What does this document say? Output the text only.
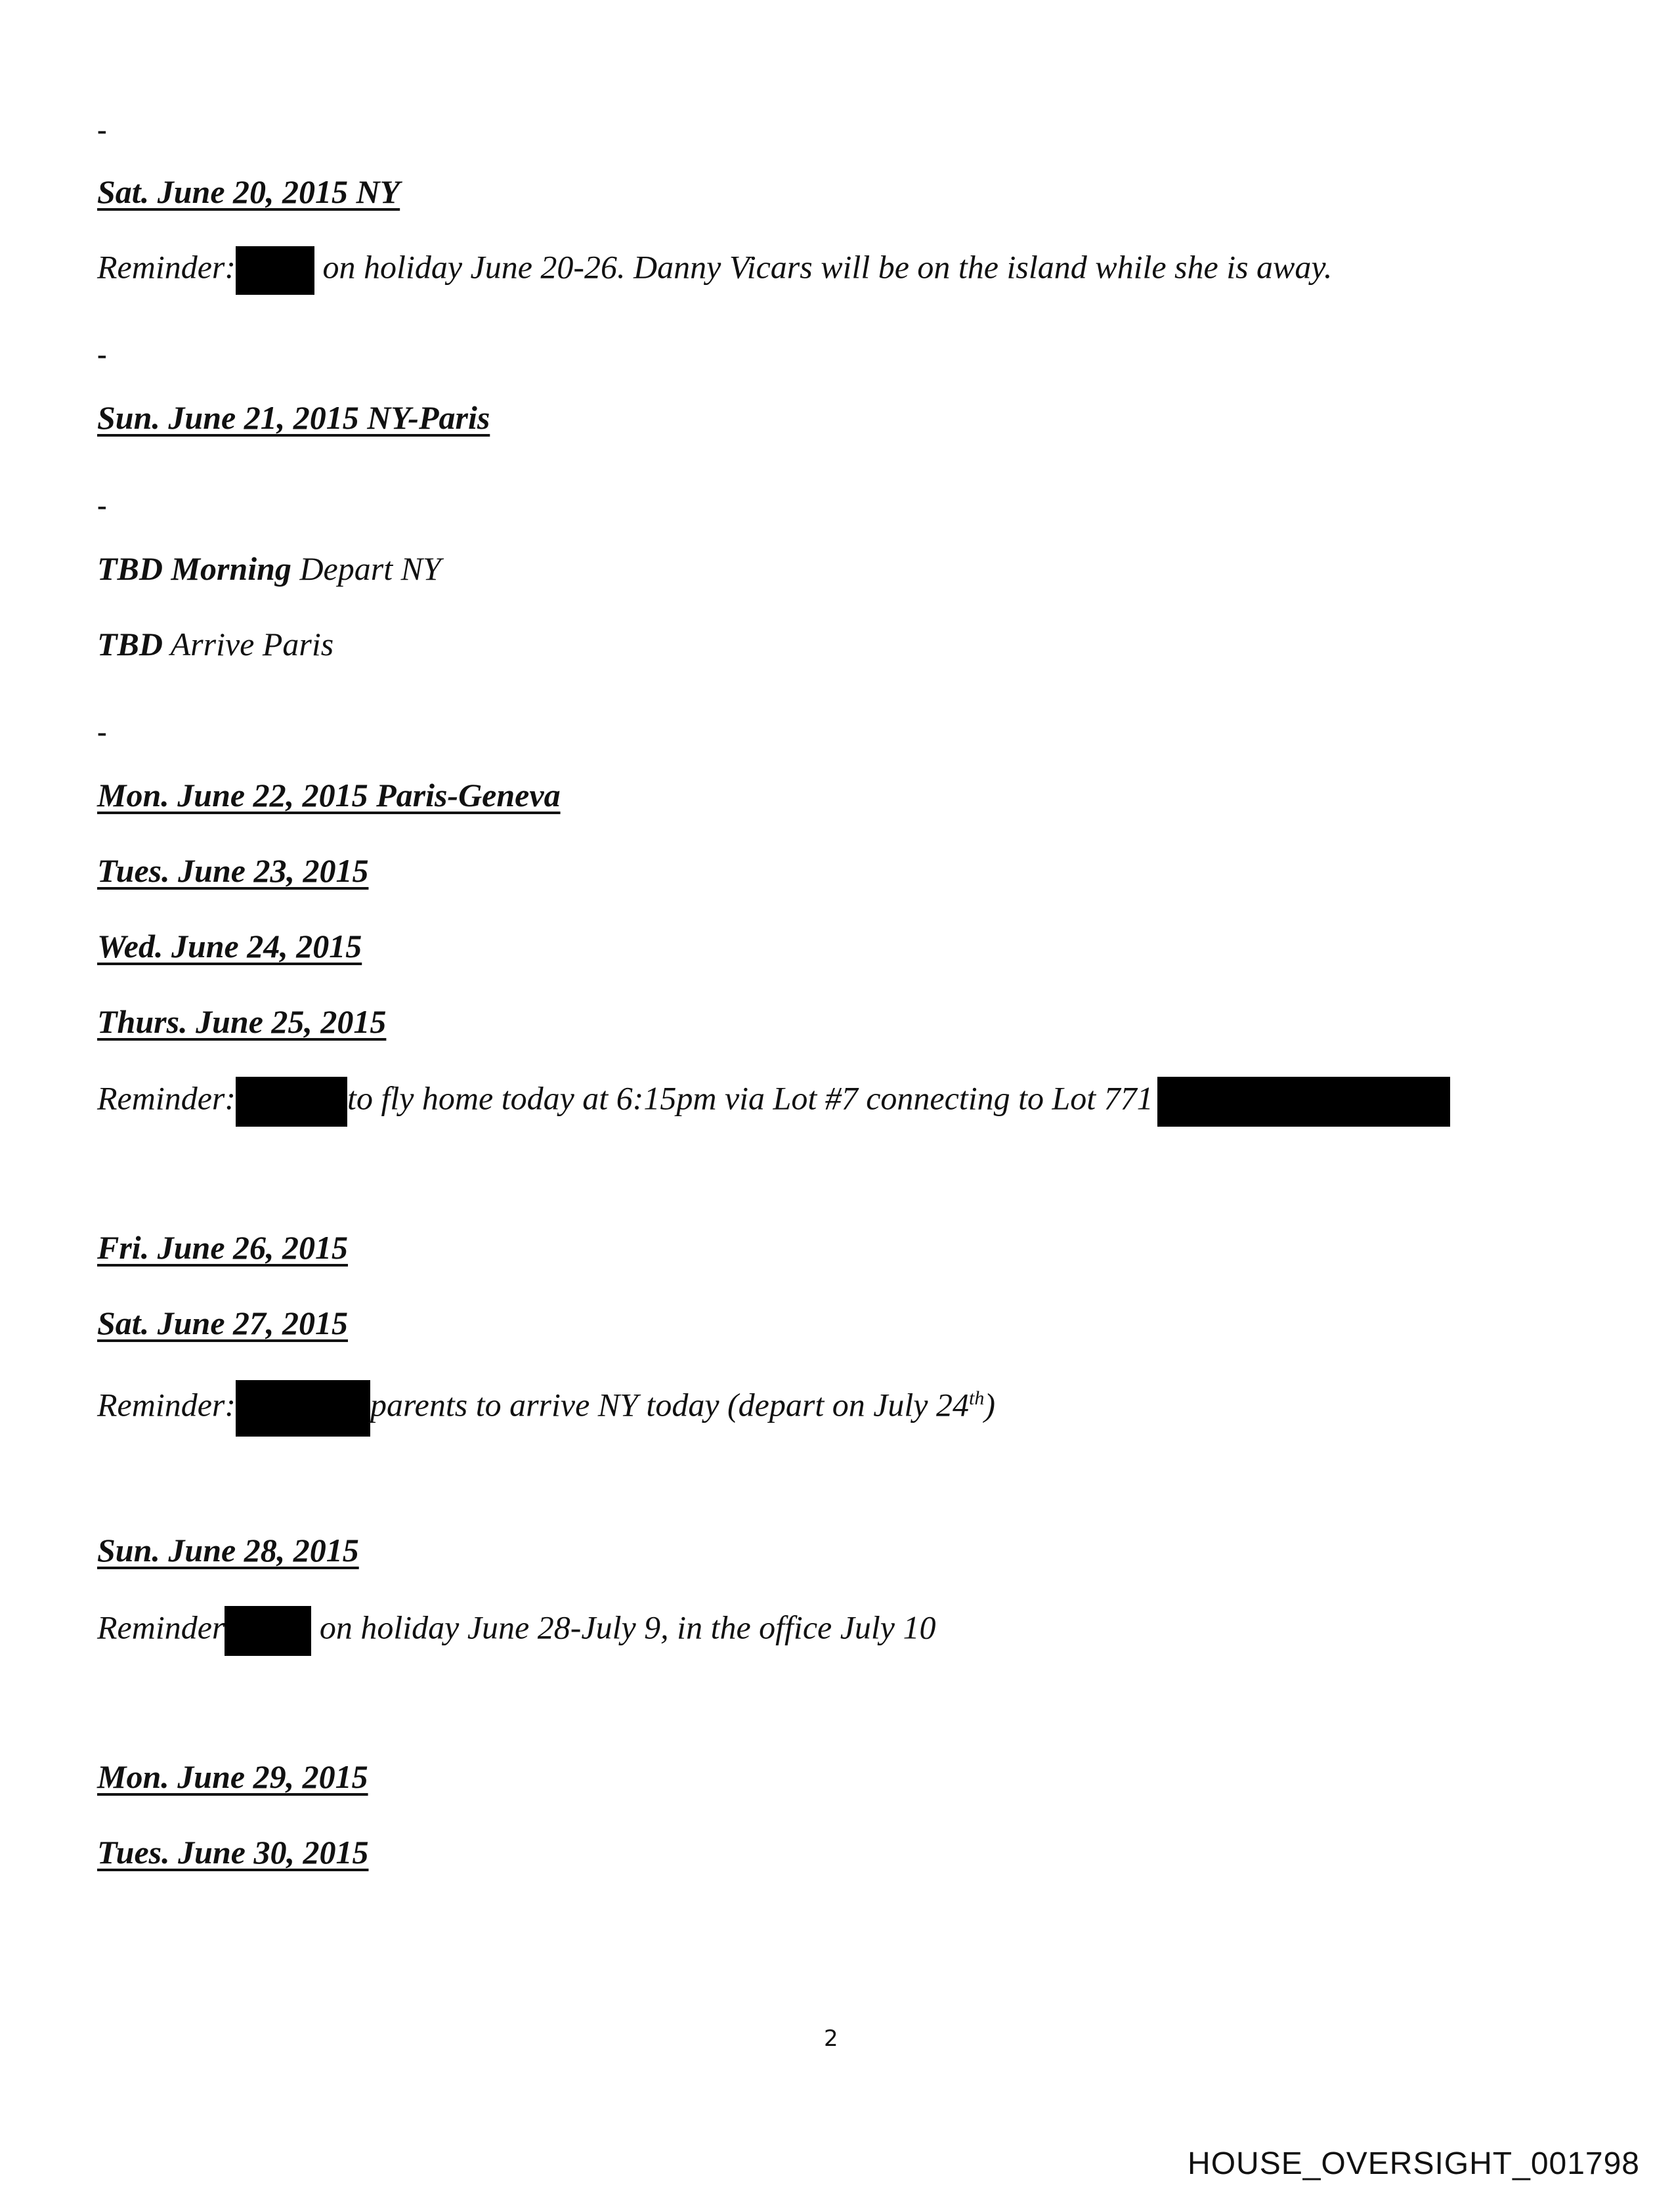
-
Sat. June 20, 2015 NY
Reminder:	on holiday June 20-26. Danny Vicars will be on the island while she is away.
-
Sun. June 21, 2015 NY-Paris
-
TBD Morning Depart NY
TBD Arrive Paris
-
Mon. June 22, 2015 Paris-Geneva
Tues. June 23, 2015
Wed. June 24, 2015
Thurs. June 25, 2015
Reminder:	to fly home today at 6:15pm via Lot #7 connecting to Lot 771
Fri. June 26, 2015
Sat. June 27, 2015
Reminder:	parents to arrive NY today (depart on July 24th)
Sun. June 28, 2015
Reminder	on holiday June 28-July 9, in the office July 10
Mon. June 29, 2015
Tues. June 30, 2015
2
HOUSE_OVERSIGHT_001798
